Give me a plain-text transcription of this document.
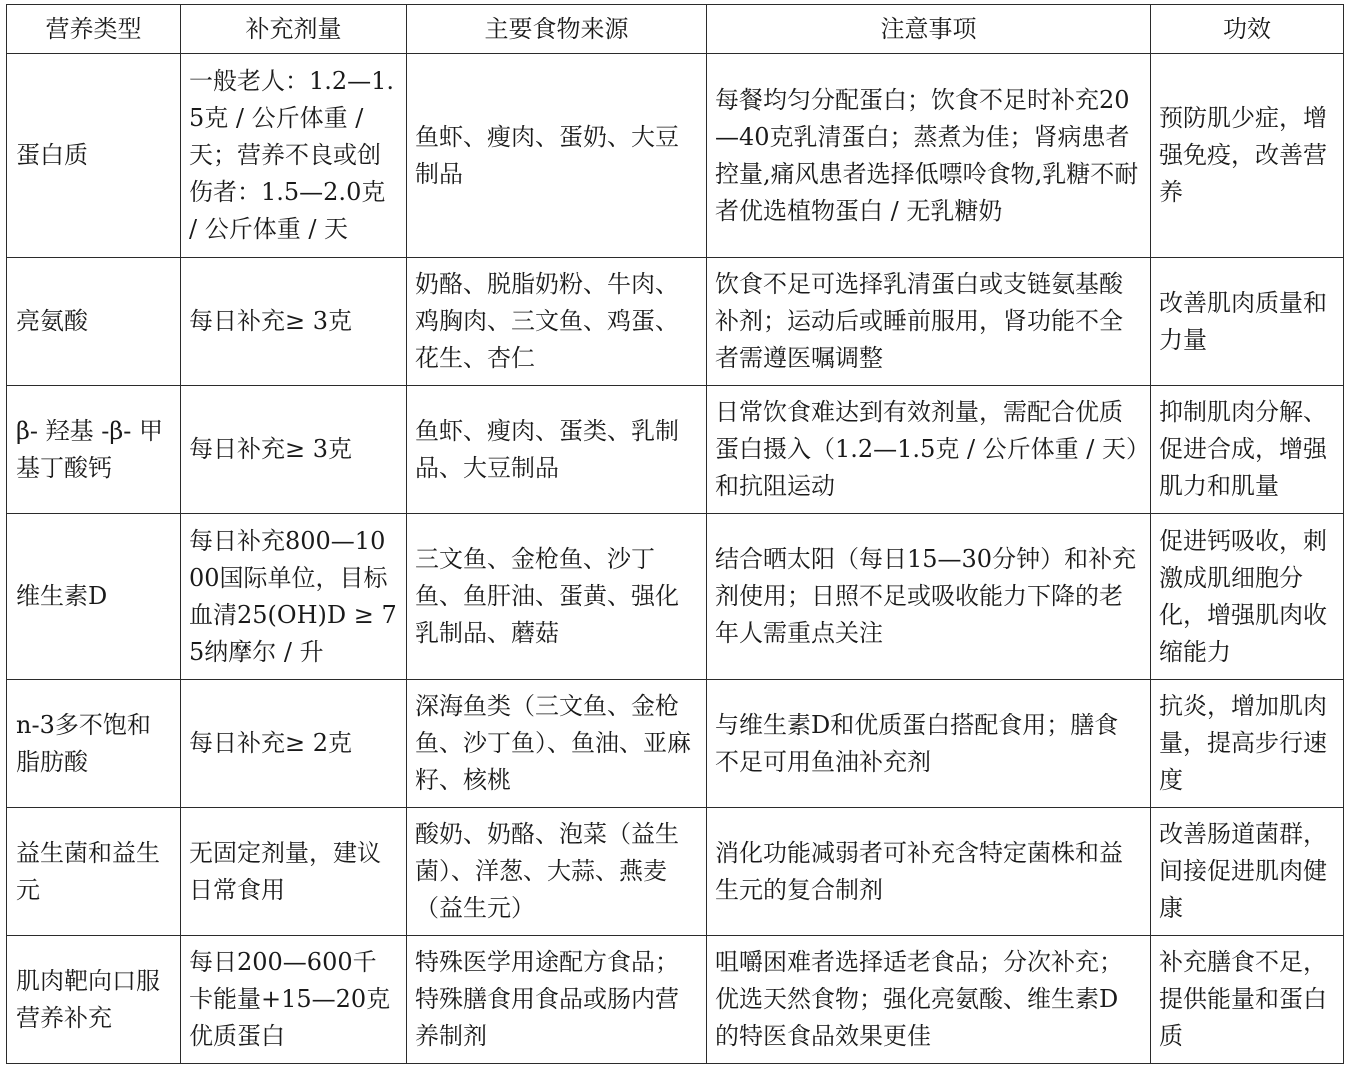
营养类型	补充剂量	主要食物来源	注意事项	功效
蛋白质	一般老人：1.2—1.5克 / 公斤体重 / 天；营养不良或创伤者：1.5—2.0克 / 公斤体重 / 天	鱼虾、瘦肉、蛋奶、大豆制品	每餐均匀分配蛋白；饮食不足时补充20—40克乳清蛋白；蒸煮为佳；肾病患者控量,痛风患者选择低嘌呤食物,乳糖不耐者优选植物蛋白 / 无乳糖奶	预防肌少症，增强免疫，改善营养
亮氨酸	每日补充≥ 3克	奶酪、脱脂奶粉、牛肉、鸡胸肉、三文鱼、鸡蛋、花生、杏仁	饮食不足可选择乳清蛋白或支链氨基酸补剂；运动后或睡前服用，肾功能不全者需遵医嘱调整	改善肌肉质量和力量
β- 羟基 -β- 甲基丁酸钙	每日补充≥ 3克	鱼虾、瘦肉、蛋类、乳制品、大豆制品	日常饮食难达到有效剂量，需配合优质蛋白摄入（1.2—1.5克 / 公斤体重 / 天）和抗阻运动	抑制肌肉分解、促进合成，增强肌力和肌量
维生素D	每日补充800—1000国际单位，目标血清25(OH)D ≥ 75纳摩尔 / 升	三文鱼、金枪鱼、沙丁鱼、鱼肝油、蛋黄、强化乳制品、蘑菇	结合晒太阳（每日15—30分钟）和补充剂使用；日照不足或吸收能力下降的老年人需重点关注	促进钙吸收，刺激成肌细胞分化，增强肌肉收缩能力
n-3多不饱和脂肪酸	每日补充≥ 2克	深海鱼类（三文鱼、金枪鱼、沙丁鱼）、鱼油、亚麻籽、核桃	与维生素D和优质蛋白搭配食用；膳食不足可用鱼油补充剂	抗炎，增加肌肉量，提高步行速度
益生菌和益生元	无固定剂量，建议日常食用	酸奶、奶酪、泡菜（益生菌）、洋葱、大蒜、燕麦（益生元）	消化功能减弱者可补充含特定菌株和益生元的复合制剂	改善肠道菌群，间接促进肌肉健康
肌肉靶向口服营养补充	每日200—600千卡能量+15—20克优质蛋白	特殊医学用途配方食品；特殊膳食用食品或肠内营养制剂	咀嚼困难者选择适老食品；分次补充；优选天然食物；强化亮氨酸、维生素D的特医食品效果更佳	补充膳食不足，提供能量和蛋白质
